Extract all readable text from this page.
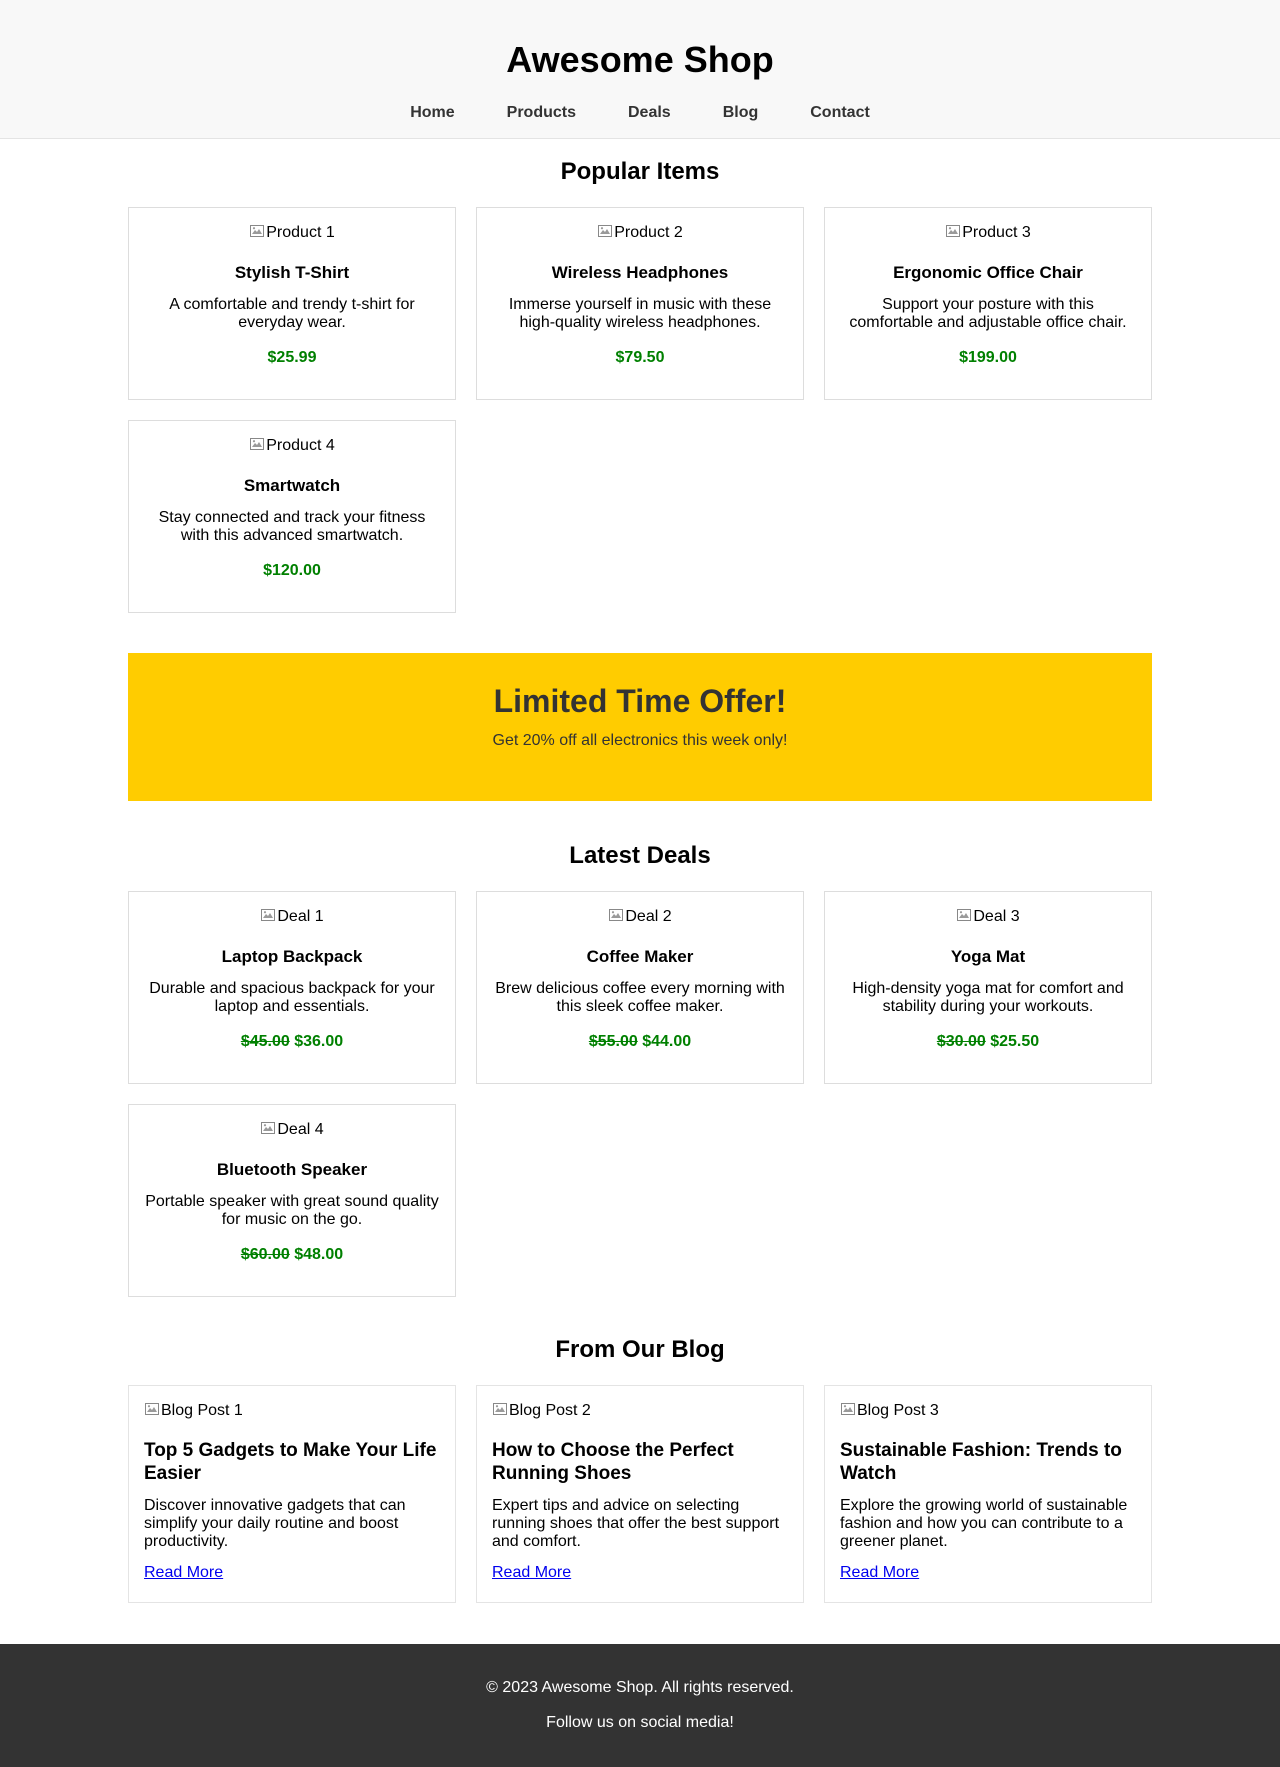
Awesome Shop
Home	Products	Deals	Blog	Contact
Popular Items
Product 1
Stylish T-Shirt

A comfortable and trendy t-shirt for everyday wear.

$25.99
Product 2
Wireless Headphones

Immerse yourself in music with these high-quality wireless headphones.

$79.50
Product 3
Ergonomic Office Chair

Support your posture with this comfortable and adjustable office chair.

$199.00
Product 4
Smartwatch

Stay connected and track your fitness with this advanced smartwatch.

$120.00
Limited Time Offer!

Get 20% off all electronics this week only!

Latest Deals
Deal 1
Laptop Backpack

Durable and spacious backpack for your laptop and essentials.

$45.00 $36.00
Deal 2
Coffee Maker

Brew delicious coffee every morning with this sleek coffee maker.

$55.00 $44.00
Deal 3
Yoga Mat

High-density yoga mat for comfort and stability during your workouts.

$30.00 $25.50
Deal 4
Bluetooth Speaker

Portable speaker with great sound quality for music on the go.

$60.00 $48.00
From Our Blog
Blog Post 1
Top 5 Gadgets to Make Your Life Easier

Discover innovative gadgets that can simplify your daily routine and boost productivity.

Read More
Blog Post 2
How to Choose the Perfect Running Shoes

Expert tips and advice on selecting running shoes that offer the best support and comfort.

Read More
Blog Post 3
Sustainable Fashion: Trends to Watch

Explore the growing world of sustainable fashion and how you can contribute to a greener planet.

Read More

© 2023 Awesome Shop. All rights reserved.

Follow us on social media!
